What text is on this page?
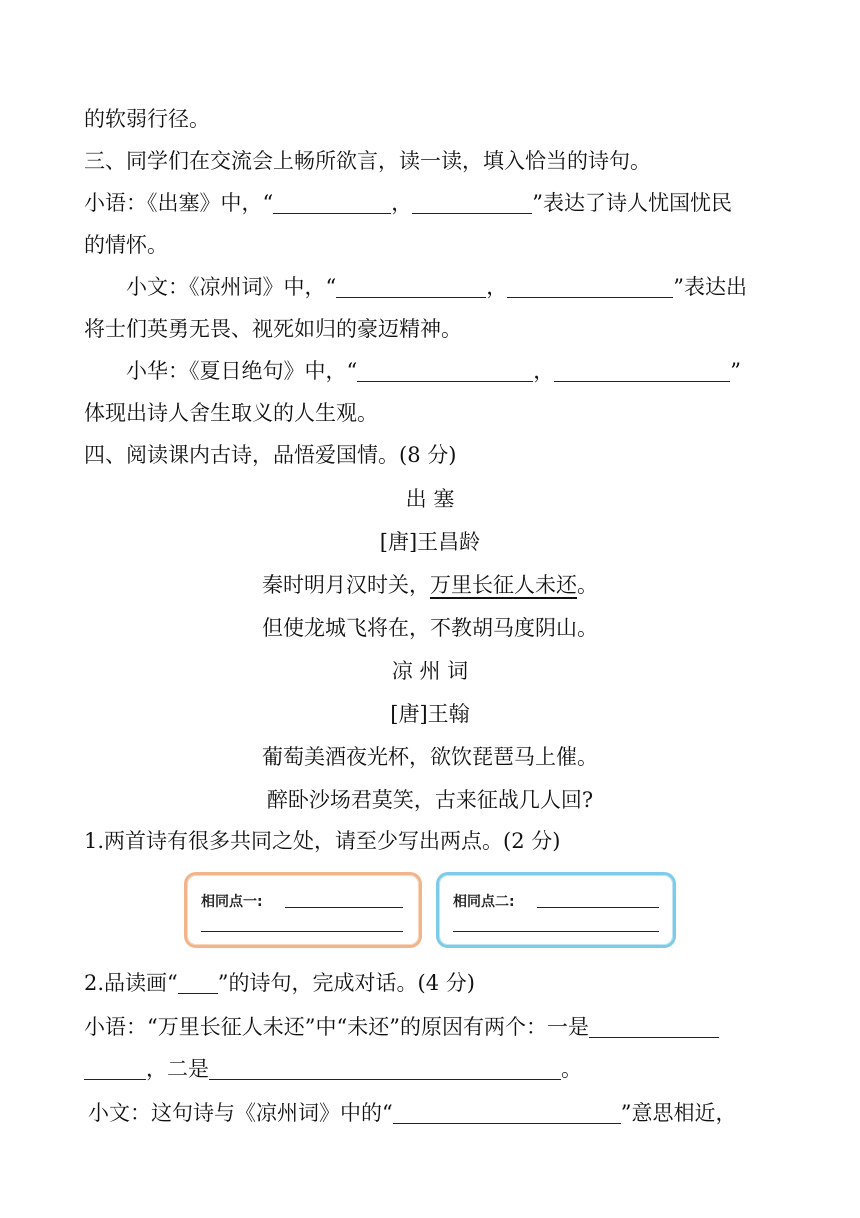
的软弱行径。
三、同学们在交流会上畅所欲言，读一读，填入恰当的诗句。
小语：《出塞》中，“	，	”表达了诗人忧国忧民
的情怀。
小文：《凉州词》中，“	，	”表达出
将士们英勇无畏、视死如归的豪迈精神。
小华：《夏日绝句》中，“	，	”
体现出诗人舍生取义的人生观。
四、阅读课内古诗，品悟爱国情。(8 分)
出 塞
[唐]王昌龄
秦时明月汉时关，万里长征人未还。
但使龙城飞将在，不教胡马度阴山。
凉 州 词
[唐]王翰
葡萄美酒夜光杯，欲饮琵琶马上催。
醉卧沙场君莫笑，古来征战几人回?
1.两首诗有很多共同之处，请至少写出两点。(2 分)
相同点一:	相同点二:
2.品读画“ ”的诗句，完成对话。(4 分)
小语：“万里长征人未还”中“未还”的原因有两个：一是
，二是	。
小文：这句诗与《凉州词》中的“	”意思相近，
